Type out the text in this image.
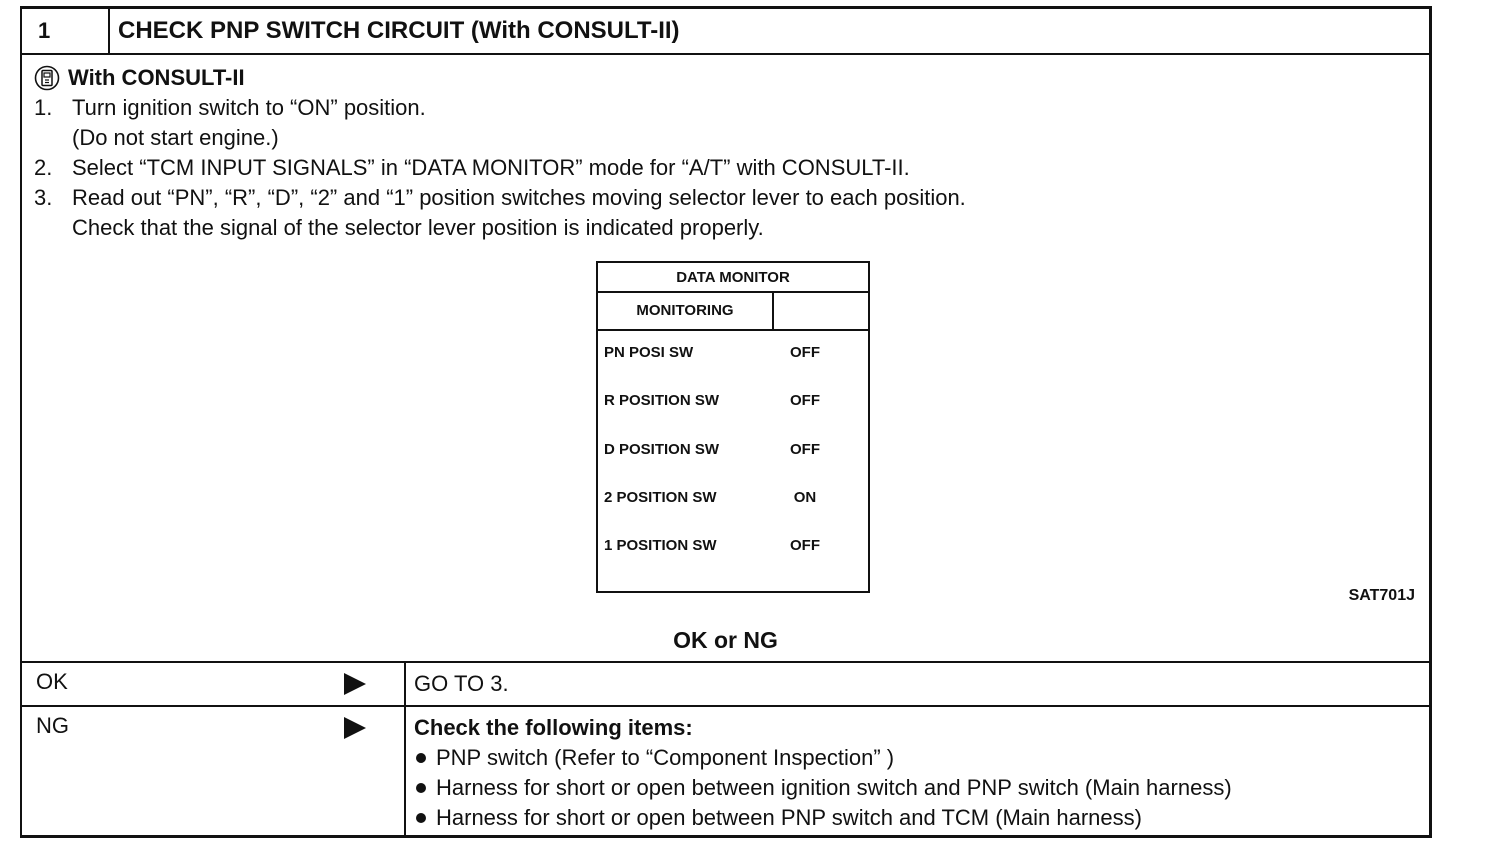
1	CHECK PNP SWITCH CIRCUIT (With CONSULT-II)
With CONSULT-II
1. Turn ignition switch to “ON” position.
(Do not start engine.)
2. Select “TCM INPUT SIGNALS” in “DATA MONITOR” mode for “A/T” with CONSULT-II.
3. Read out “PN”, “R”, “D”, “2” and “1” position switches moving selector lever to each position.
Check that the signal of the selector lever position is indicated properly.
DATA MONITOR
MONITORING
PN POSI SW	OFF
R POSITION SW	OFF
D POSITION SW	OFF
2 POSITION SW	ON
1 POSITION SW	OFF
SAT701J
OK or NG
OK	GO TO 3.
NG	Check the following items:
PNP switch (Refer to “Component Inspection” )
Harness for short or open between ignition switch and PNP switch (Main harness)
Harness for short or open between PNP switch and TCM (Main harness)
